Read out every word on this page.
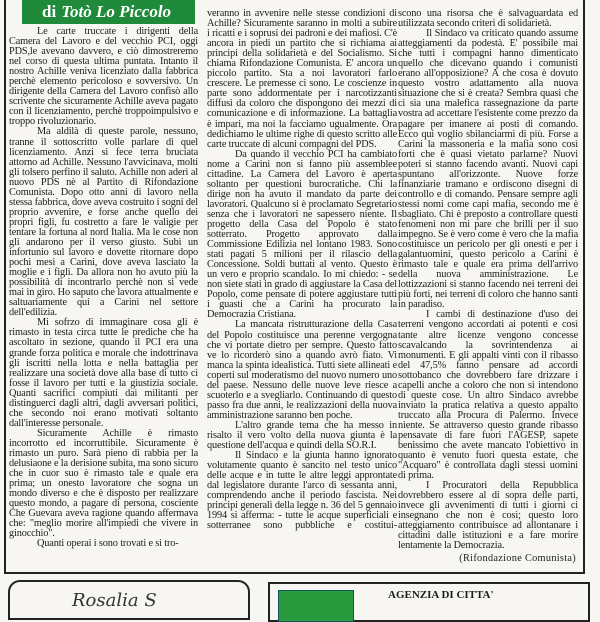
di Totò Lo Piccolo

Le carte truccate i dirigenti della Camera del Lavoro e del vecchio PCI, oggi PDS,le avevano davvero, e ciò dimostreremo nel corso di questa ultima puntata. Intanto il nostro Achille veniva licenziato dalla fabbrica perchè elemento pericoloso e sovversivo. Un dirigente della Camera del Lavoro confisò allo scrivente che sicuramente Achille aveva pagato con il licenziamento, perchè troppoimpulsivo e troppo rivoluzionario.

Ma aldilà di queste parole, nessuno, tranne il sottoscritto volle parlare di quel licenziamento. Anzi si fece terra bruciata attorno ad Achille. Nessuno l'avvicinava, molti gli tolsero perfino il saluto. Achille non aderì al nuovo PDS nè al Partito di Rifondazione Comunista. Dopo otto anni di lavoro nella stessa fabbrica, dove aveva costruito i sogni del proprio avvenire, e forse anche quello dei propri figli, fu costretto a fare le valigie per tentare la fortuna al nord Italia. Ma le cose non gli andarono per il verso giusto. Subì un infortunio sul lavoro e dovette ritornare dopo pochi mesi a Carini, dove aveva lasciato la moglie e i figli. Da allora non ho avuto più la possibilità di incontrarlo perchè non si vede mai in giro. Ho saputo che lavora attualmente e saltuariamente qui a Carini nel settore dell'edilizia.

Mi sofrzo di immaginare cosa gli è rimasto in testa circa tutte le prediche che ha ascoltato in sezione, quando il PCI era una grande forza politica e morale che indottrinava gli iscritti nella lotta e nella battaglia per realizzare una società dove alla base di tutto ci fosse il lavoro per tutti e la giustizia sociale. Quanti sacrifici compiuti dai militanti per distinguerci dagli altri, dagli avversari politici, che secondo noi erano motivati soltanto dall'interesse personale.

Sicuramente Achille è rimasto incorrotto ed incorruttibile. Sicuramente è rimasto un puro. Sarà pieno di rabbia per la delusiaone e la derisione subita, ma sono sicuro che in cuor suo è rimasto tale e quale era prima; un onesto lavoratore che sogna un mondo diverso e che è disposto per realizzare questo mondo, a pagare di persona, cosciente Che Guevara aveva ragione quando affermava che: "meglio morire all'impiedi che vivere in ginocchio".

Quanti operai i sono trovati e si tro-

veranno in avvenire nelle stesse condizioni di Achille? Sicuramente saranno in molti a subire i ricatti e i soprusi dei padroni e dei mafiosi. C'è ancora in piedi un partito che si richiama ai principi della solidarietà e del Socialismo. Si chiama Rifondazione Comunista. E' ancora un piccolo partito. Sta a noi lavoratori farlo crescere. Le premesse ci sono. Le coscienze in parte sono addormentate per i narcotizzanti diffusi da coloro che dispongono dei mezzi di comunicazione e di informazione. La battaglia è impari, ma noi la facciamo ugualmente. Ora dedichiamo le ultime righe di questo scritto alle carte truccate di alcuni compagni del PDS.

Da quando il vecchio PCI ha cambiato nome a Carini non si fanno più assemblee cittadine. La Camera del Lavoro è aperta soltanto per questioni burocratiche. Chi la dirige non ha avuto il mandato da parte dei lavoratori. Qualcuno si è proclamato Segretario senza che i lavoratori ne sapessero niente. Il progetto della Casa del Popolo è stato sotterrato. Progetto approvato dalla Commissione Edilizia nel lontano 1983. Sono stati pagati 5 milioni per il rilascio della Concessione. Soldi buttati al vento. Questo è un vero e proprio scandalo. Io mi chiedo: - se non siete stati in grado di aggiustare la Casa del Popolo, come pensate di potere aggiustare tutti i guasti che a Carini ha procurato la Democrazia Cristiana.

La mancata ristrutturazione della Casa del Popolo costituisce una perenne vergogna che vi portate dietro per sempre. Questo fatto ve lo ricorderò sino a quando avrò fiato. Vi manca la spinta idealistica. Tutti siete allineati e coperti sul moderatismo del nuovo numero uno del paese. Nessuno delle nuove leve riesce a scuoterlo e a svegliarlo. Continuando di questo passo fra due anni, le realizzazioni della nuova amministrazione saranno ben poche.

L'altro grande tema che ha messo in risalto il vero volto della nuova giunta è la questione dell'acqua e quindi della SO.R.I.

Il Sindaco e la giunta hanno ignorato volutamente quanto è sancito nel testo unico delle acque e in tutte le altre leggi approntate dal legislatore durante l'arco di sessanta anni, comprendendo anche il periodo fascista. Nei principi generali della legge n. 36 del 5 gennaio 1994 si afferma: - tutte le acque superficiali e sotterranee sono pubbliche e costitui-

scono una risorsa che è salvaguardata ed utilizzata secondo criteri di solidarietà.

Il Sindaco va criticato quando assume atteggiamenti da podestà. E' possibile mai che tutti i compagni hanno dimenticato quello che dicevano quando i comunisti erano all'opposizione? A che cosa è dovuto questo vostro adattamento alla nuova situazione che si è creata? Sembra quasi che ci sia una malefica rassegnazione da parte vostra ad accettare l'esistente come prezzo da pagare per imanere ai posti di comando. Ecco qui voglio sbilanciarmi di più. Forse a Carini la massoneria e la mafia sono così forti che è quasi vietato parlarne? Nuovi poteri si stanno facendo avanti. Nuovi capi spuntano all'orizzonte. Nuove forze finanziarie tramano e ordiscono disegni di controllo e di comando. Pensare sempre agli stessi nomi come capi mafia, secondo me è sbagliato. Chi è preposto a controllare questi fenomeni non mi pare che brilli per il suo impegno. Se è vero come è vero che la mafia costituisce un pericolo per gli onesti e per i galantuomini, questo pericolo a Carini è rimasto tale e quale era prima dell'arrivo della nuova amministrazione. Le lottizzazioni si stanno facendo nei terreni dei più forti, nei terreni di coloro che hanno santi in paradiso.

I cambi di destinazione d'uso dei terreni vengono accordati ai potenti e così tante altre licenze vengono concesse scavalcando la sovrintendenza ai monumenti. E gli appalti vinti con il ribasso del 47,5% fanno pensare ad accordi sottobanco che dovrebbero fare drizzare i capelli anche a coloro che non si intendono di queste cose. Un altro Sindaco avrebbe inviato la pratica relativa a questo appalto truccato alla Procura di Palermo. Invece niente. Se attraverso questo grande ribasso pensavate di fare fuori l'AGESP, sapete benissimo che avete mancato l'obiettivo in quanto è venuto fuori questa estate, che "Acquaro" è controllata dagli stessi uomini di prima.

I Procuratori della Repubblica dovrebbero essere al di sopra delle parti, invece gli avvenimenti di tutti i giorni ci insegnano che non è così; questo loro atteggiamento contribuisce ad allontanare i cittadini dalle istituzioni e a fare morire lentamente la Democrazia.

(Rifondazione Comunista)
Rosalia S	AGENZIA DI CITTA'
